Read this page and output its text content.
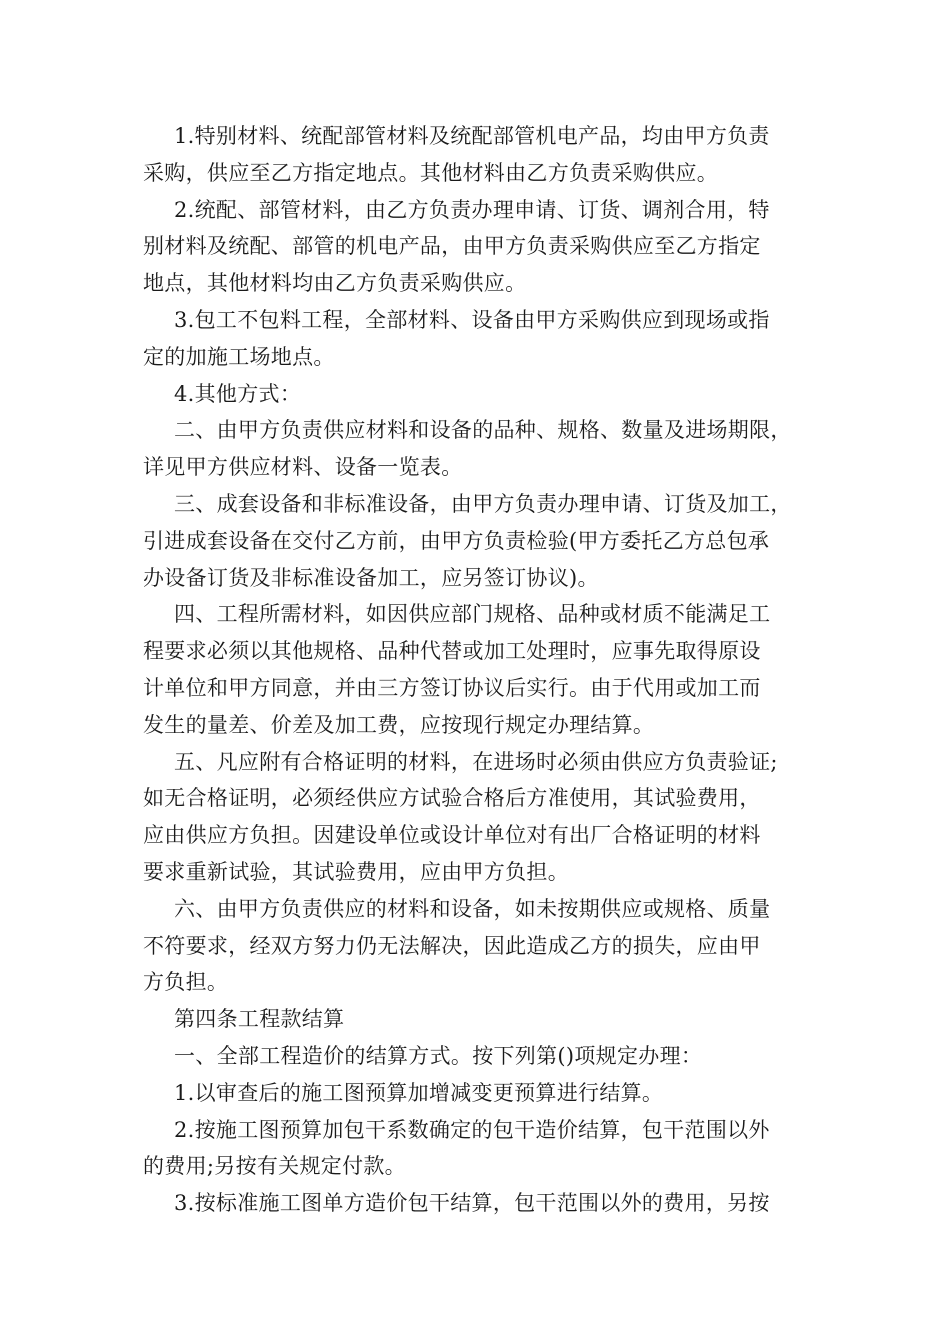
1.特别材料、统配部管材料及统配部管机电产品，均由甲方负责
采购，供应至乙方指定地点。其他材料由乙方负责采购供应。
2.统配、部管材料，由乙方负责办理申请、订货、调剂合用，特
别材料及统配、部管的机电产品，由甲方负责采购供应至乙方指定
地点，其他材料均由乙方负责采购供应。
3.包工不包料工程，全部材料、设备由甲方采购供应到现场或指
定的加施工场地点。
4.其他方式：
二、由甲方负责供应材料和设备的品种、规格、数量及进场期限，
详见甲方供应材料、设备一览表。
三、成套设备和非标准设备，由甲方负责办理申请、订货及加工，
引进成套设备在交付乙方前，由甲方负责检验(甲方委托乙方总包承
办设备订货及非标准设备加工，应另签订协议)。
四、工程所需材料，如因供应部门规格、品种或材质不能满足工
程要求必须以其他规格、品种代替或加工处理时，应事先取得原设
计单位和甲方同意，并由三方签订协议后实行。由于代用或加工而
发生的量差、价差及加工费，应按现行规定办理结算。
五、凡应附有合格证明的材料，在进场时必须由供应方负责验证;
如无合格证明，必须经供应方试验合格后方准使用，其试验费用，
应由供应方负担。因建设单位或设计单位对有出厂合格证明的材料
要求重新试验，其试验费用，应由甲方负担。
六、由甲方负责供应的材料和设备，如未按期供应或规格、质量
不符要求，经双方努力仍无法解决，因此造成乙方的损失，应由甲
方负担。
第四条工程款结算
一、全部工程造价的结算方式。按下列第()项规定办理：
1.以审查后的施工图预算加增减变更预算进行结算。
2.按施工图预算加包干系数确定的包干造价结算，包干范围以外
的费用;另按有关规定付款。
3.按标准施工图单方造价包干结算，包干范围以外的费用，另按
